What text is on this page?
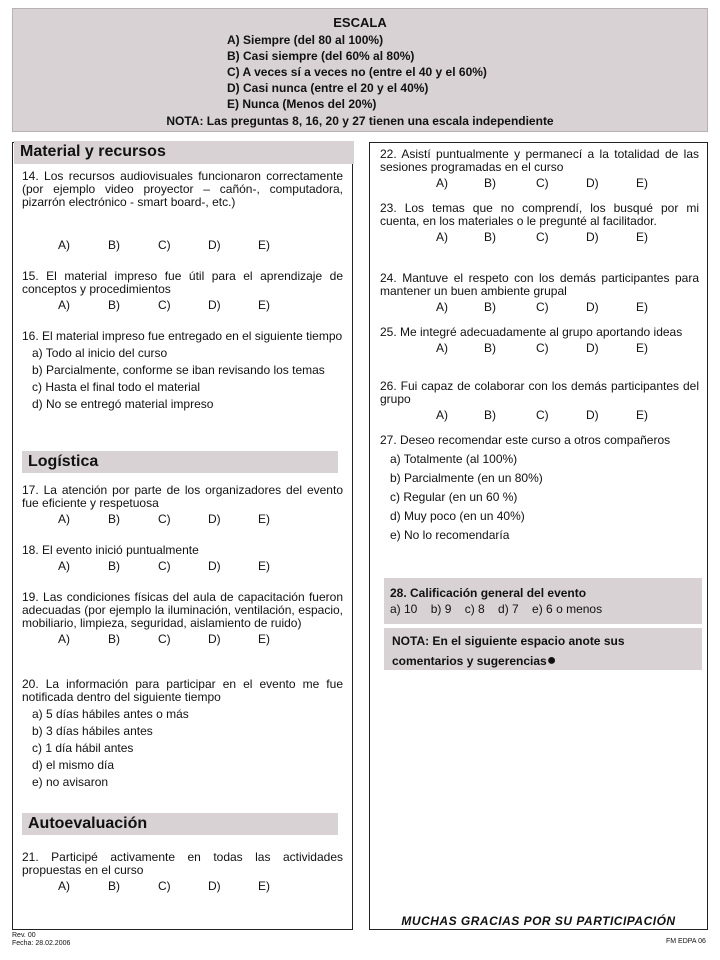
ESCALA
A) Siempre (del 80 al 100%)
B) Casi siempre (del 60% al 80%)
C) A veces sí a veces no (entre el 40 y el 60%)
D) Casi nunca (entre el 20 y el 40%)
E) Nunca (Menos del 20%)
NOTA: Las preguntas 8, 16, 20 y 27 tienen una escala independiente
Material y recursos
14. Los recursos audiovisuales funcionaron correctamente (por ejemplo video proyector – cañón-, computadora, pizarrón electrónico - smart board-, etc.)
A)	B)	C)	D)	E)
15. El material impreso fue útil para el aprendizaje de conceptos y procedimientos
A)	B)	C)	D)	E)
16. El material impreso fue entregado en el siguiente tiempo
a) Todo al inicio del curso
b) Parcialmente, conforme se iban revisando los temas
c) Hasta el final todo el material
d) No se entregó material impreso
Logística
17. La atención por parte de los organizadores del evento fue eficiente y respetuosa
A)	B)	C)	D)	E)
18. El evento inició puntualmente
A)	B)	C)	D)	E)
19. Las condiciones físicas del aula de capacitación fueron adecuadas (por ejemplo la iluminación, ventilación, espacio, mobiliario, limpieza, seguridad, aislamiento de ruido)
A)	B)	C)	D)	E)
20. La información para participar en el evento me fue notificada dentro del siguiente tiempo
a) 5 días hábiles antes o más
b) 3 días hábiles antes
c) 1 día hábil antes
d) el mismo día
e) no avisaron
Autoevaluación
21. Participé activamente en todas las actividades propuestas en el curso
A)	B)	C)	D)	E)
22. Asistí puntualmente y permanecí a la totalidad de las sesiones programadas en el curso
A)	B)	C)	D)	E)
23. Los temas que no comprendí, los busqué por mi cuenta, en los materiales o le pregunté al facilitador.
A)	B)	C)	D)	E)
24. Mantuve el respeto con los demás participantes para mantener un buen ambiente grupal
A)	B)	C)	D)	E)
25. Me integré adecuadamente al grupo aportando ideas
A)	B)	C)	D)	E)
26. Fui capaz de colaborar con los demás participantes del grupo
A)	B)	C)	D)	E)
27. Deseo recomendar este curso a otros compañeros
a) Totalmente (al 100%)
b) Parcialmente (en un 80%)
c) Regular (en un 60 %)
d) Muy poco (en un 40%)
e) No lo recomendaría
28. Calificación general del evento
a) 10    b) 9    c) 8    d) 7    e) 6 o menos
NOTA: En el siguiente espacio anote sus comentarios y sugerencias●
MUCHAS GRACIAS POR SU PARTICIPACIÓN
Rev. 00
Fecha: 28.02.2006	FM EDPA 06
